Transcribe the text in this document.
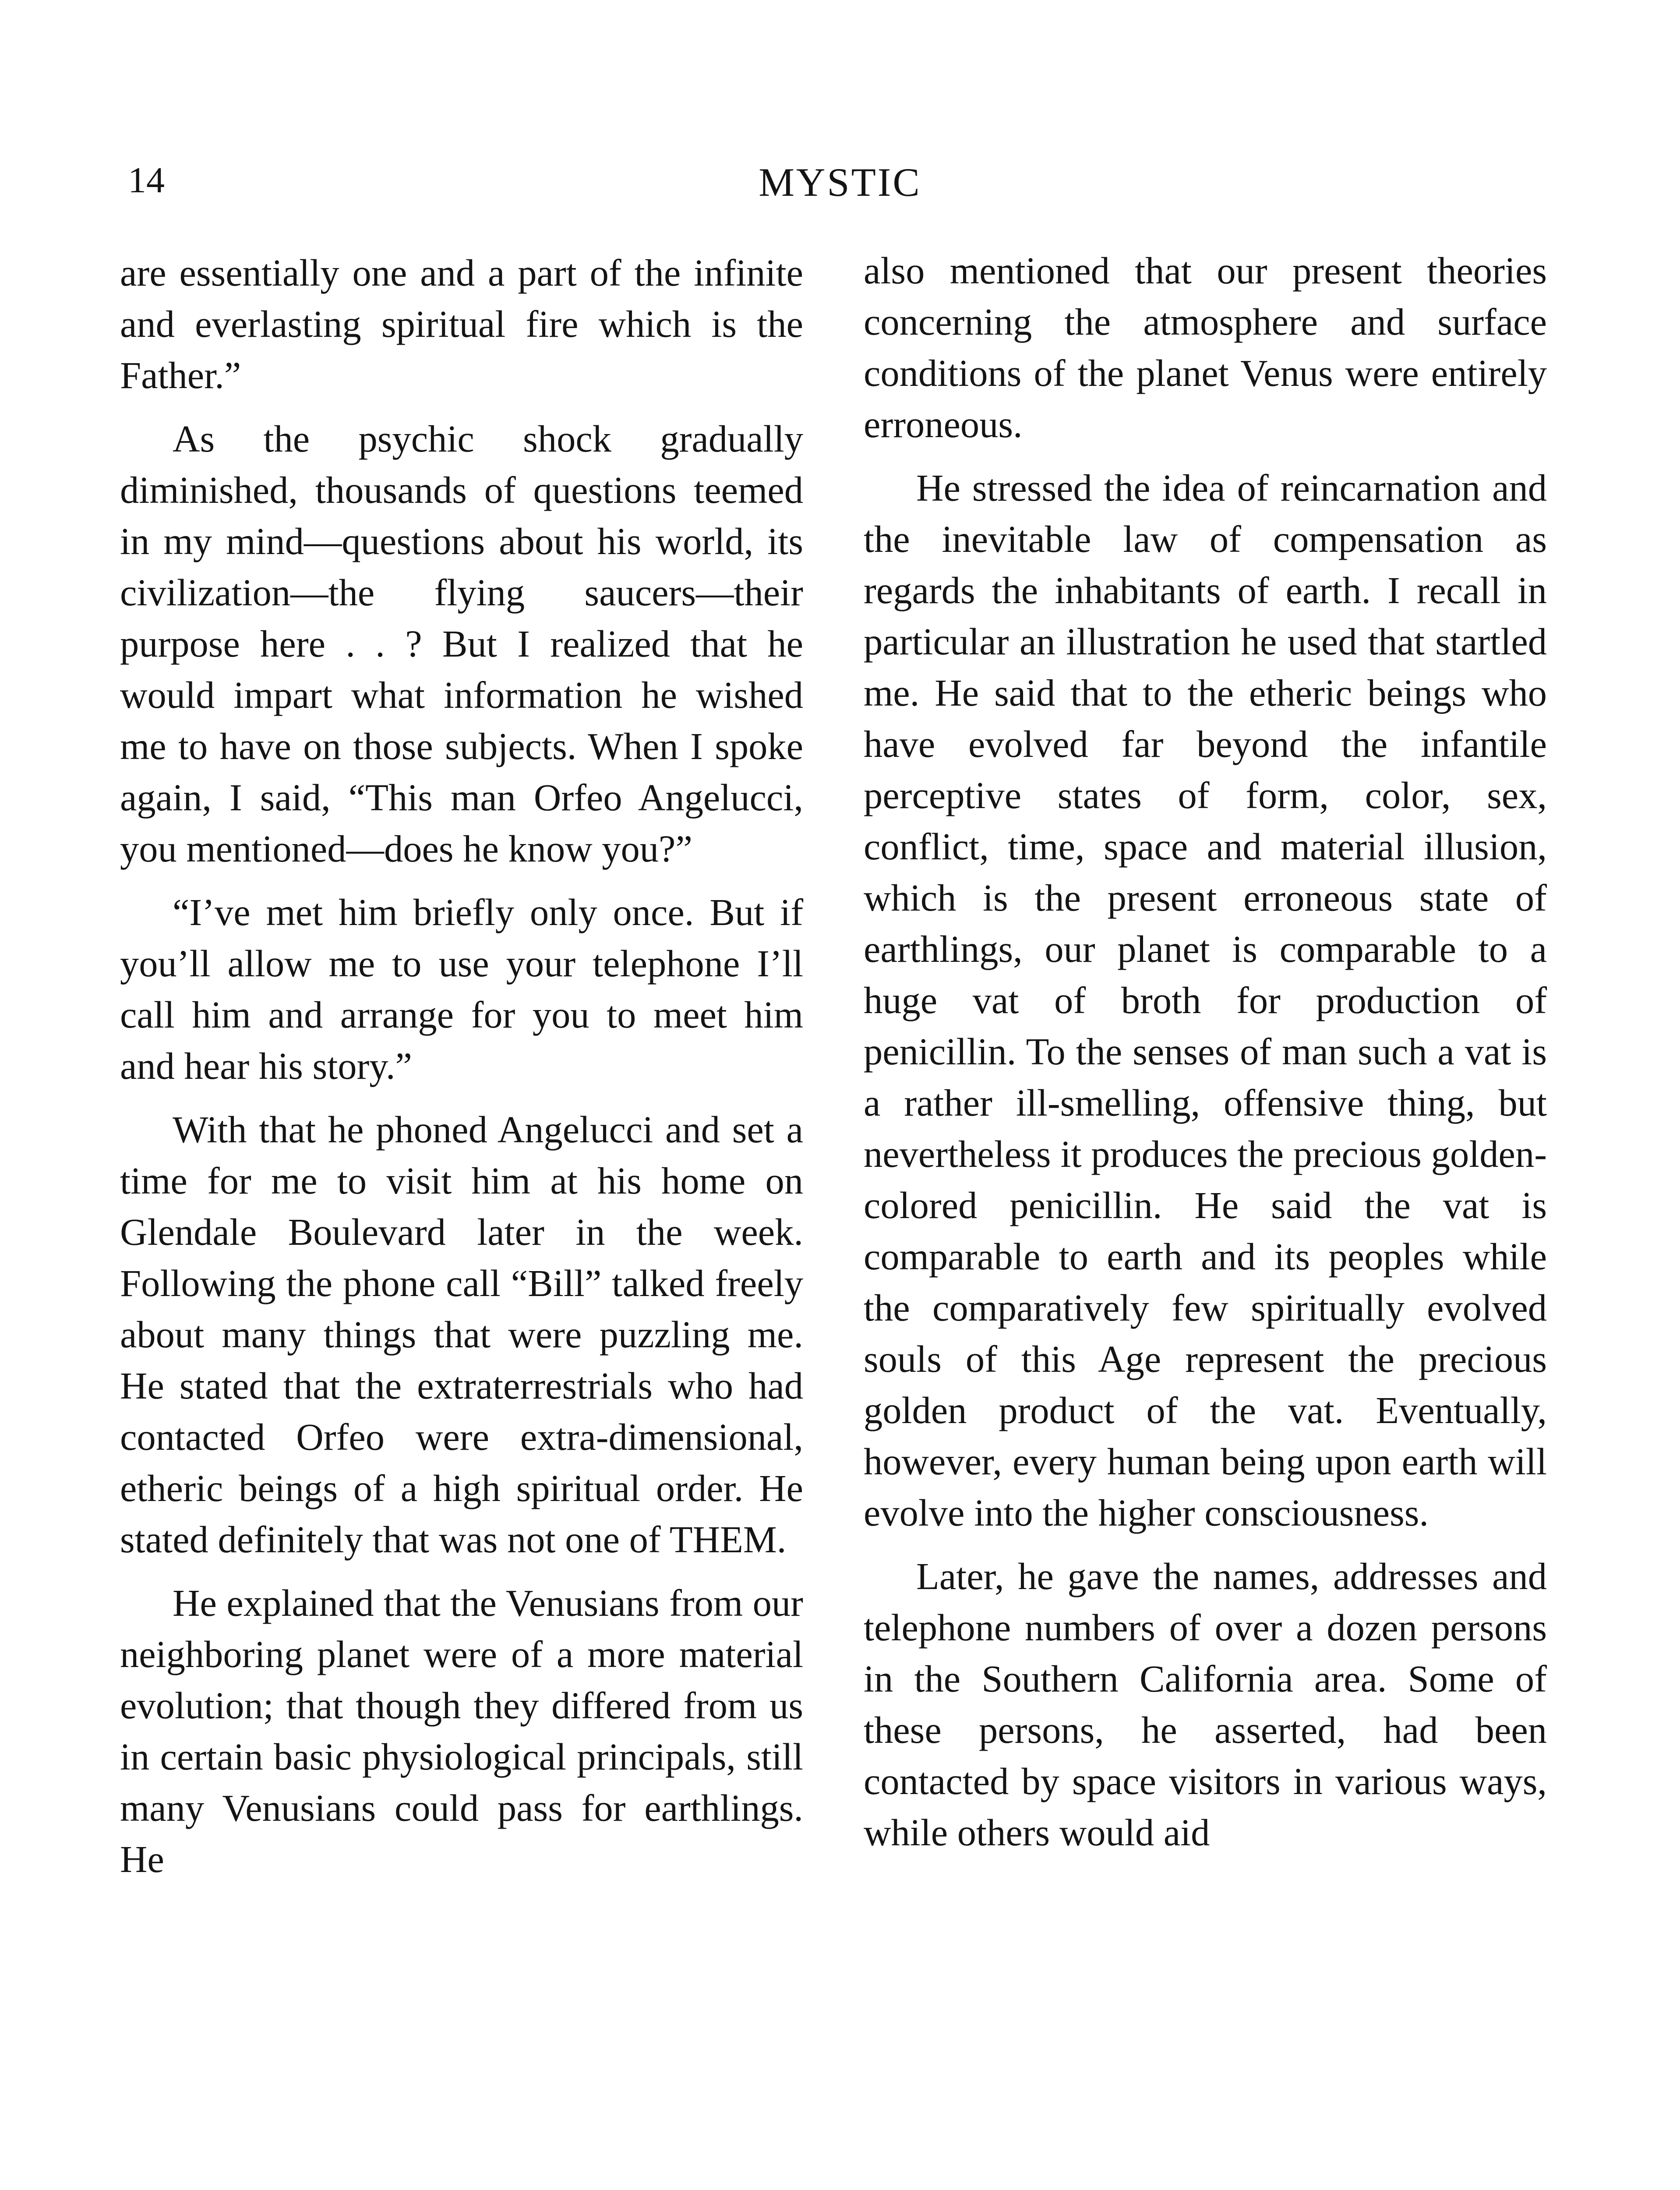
14	MYSTIC

are essentially one and a part of the infinite and everlasting spiritual fire which is the Father.”

As the psychic shock gradually diminished, thousands of questions teemed in my mind—questions about his world, its civilization—the flying saucers—their purpose here . . ? But I realized that he would impart what information he wished me to have on those subjects. When I spoke again, I said, “This man Orfeo Angelucci, you mentioned—does he know you?”

“I’ve met him briefly only once. But if you’ll allow me to use your telephone I’ll call him and arrange for you to meet him and hear his story.”

With that he phoned Angelucci and set a time for me to visit him at his home on Glendale Boulevard later in the week. Following the phone call “Bill” talked freely about many things that were puzzling me. He stated that the extraterrestrials who had contacted Orfeo were extra-dimensional, etheric beings of a high spiritual order. He stated definitely that was not one of THEM.

He explained that the Venusians from our neighboring planet were of a more material evolution; that though they differed from us in certain basic physiological principals, still many Venusians could pass for earthlings. He

also mentioned that our present theories concerning the atmosphere and surface conditions of the planet Venus were entirely erroneous.

He stressed the idea of reincarnation and the inevitable law of compensation as regards the inhabitants of earth. I recall in particular an illustration he used that startled me. He said that to the etheric beings who have evolved far beyond the infantile perceptive states of form, color, sex, conflict, time, space and material illusion, which is the present erroneous state of earthlings, our planet is comparable to a huge vat of broth for production of penicillin. To the senses of man such a vat is a rather ill-smelling, offensive thing, but nevertheless it produces the precious golden-colored penicillin. He said the vat is comparable to earth and its peoples while the comparatively few spiritually evolved souls of this Age represent the precious golden product of the vat. Eventually, however, every human being upon earth will evolve into the higher consciousness.

Later, he gave the names, addresses and telephone numbers of over a dozen persons in the Southern California area. Some of these persons, he asserted, had been contacted by space visitors in various ways, while others would aid
